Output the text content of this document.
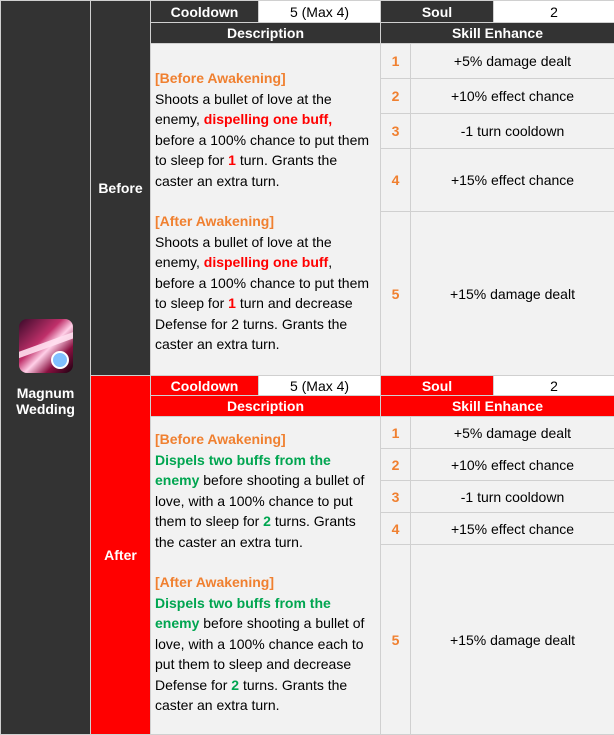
Magnum
Wedding	Before	Cooldown	5 (Max 4)	Soul		2
		Description		Skill Enhance		
		[Before Awakening]
Shoots a bullet of love at the enemy, dispelling one buff, before a 100% chance to put them to sleep for 1 turn. Grants the caster an extra turn.
[After Awakening]
Shoots a bullet of love at the enemy, dispelling one buff, before a 100% chance to put them to sleep for 1 turn and decrease Defense for 2 turns. Grants the caster an extra turn.		1	+5% damage dealt	
				2	+10% effect chance	
				3	-1 turn cooldown	
				4	+15% effect chance	
				5	+15% damage dealt	
	After	Cooldown	5 (Max 4)	Soul		2
		Description		Skill Enhance		
		[Before Awakening]
Dispels two buffs from the enemy before shooting a bullet of love, with a 100% chance to put them to sleep for 2 turns. Grants the caster an extra turn.
[After Awakening]
Dispels two buffs from the enemy before shooting a bullet of love, with a 100% chance each to put them to sleep and decrease Defense for 2 turns. Grants the caster an extra turn.		1	+5% damage dealt	
				2	+10% effect chance	
				3	-1 turn cooldown	
				4	+15% effect chance	
				5	+15% damage dealt	
